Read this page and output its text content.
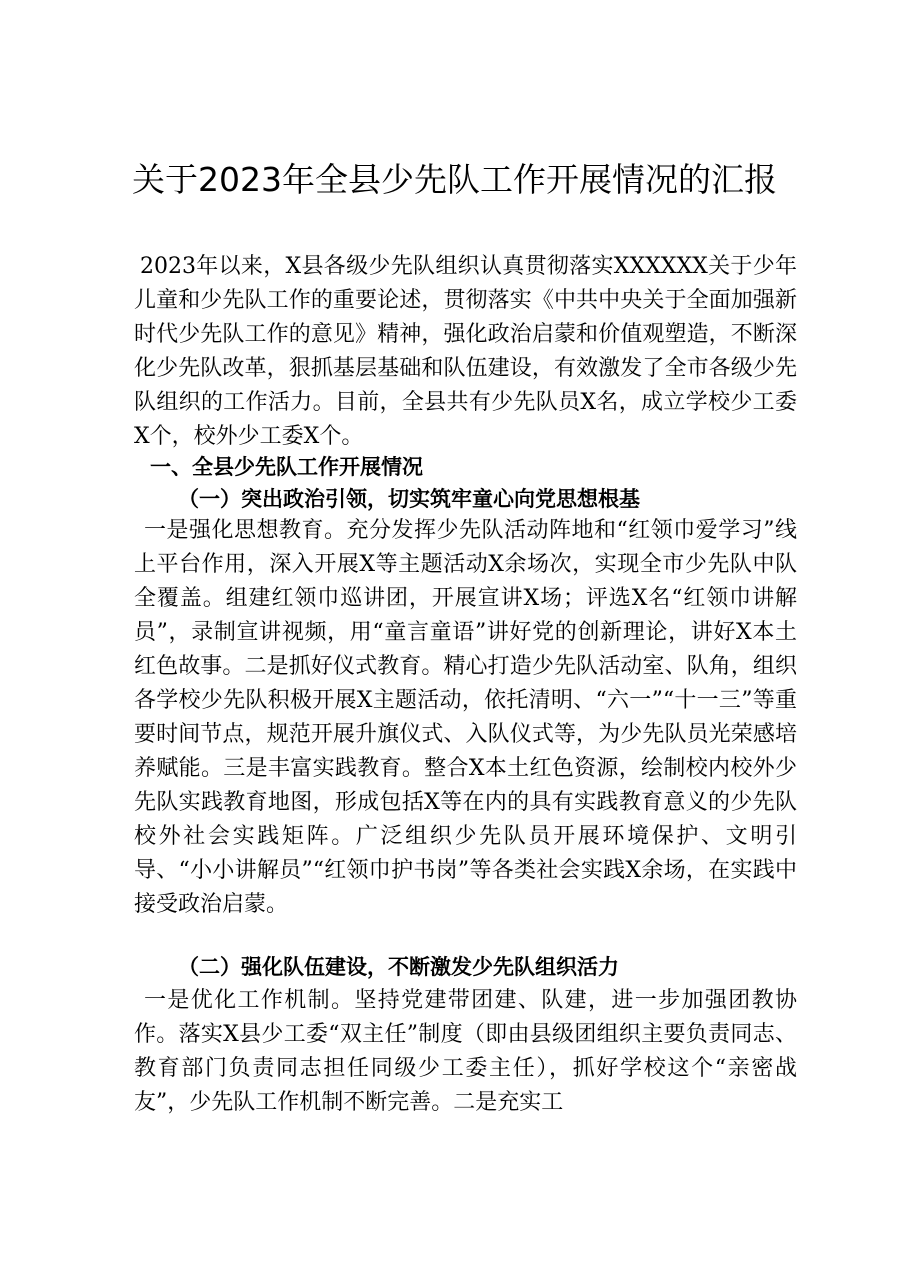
关于2023年全县少先队工作开展情况的汇报
2023年以来，X县各级少先队组织认真贯彻落实XXXXXX关于少年儿童和少先队工作的重要论述，贯彻落实《中共中央关于全面加强新时代少先队工作的意见》精神，强化政治启蒙和价值观塑造，不断深化少先队改革，狠抓基层基础和队伍建设，有效激发了全市各级少先队组织的工作活力。目前，全县共有少先队员X名，成立学校少工委X个，校外少工委X个。
一、全县少先队工作开展情况
（一）突出政治引领，切实筑牢童心向党思想根基
一是强化思想教育。充分发挥少先队活动阵地和“红领巾爱学习”线上平台作用，深入开展X等主题活动X余场次，实现全市少先队中队全覆盖。组建红领巾巡讲团，开展宣讲X场；评选X名“红领巾讲解员”，录制宣讲视频，用“童言童语”讲好党的创新理论，讲好X本土红色故事。二是抓好仪式教育。精心打造少先队活动室、队角，组织各学校少先队积极开展X主题活动，依托清明、“六一”“十一三”等重要时间节点，规范开展升旗仪式、入队仪式等，为少先队员光荣感培养赋能。三是丰富实践教育。整合X本土红色资源，绘制校内校外少先队实践教育地图，形成包括X等在内的具有实践教育意义的少先队校外社会实践矩阵。广泛组织少先队员开展环境保护、文明引导、“小小讲解员”“红领巾护书岗”等各类社会实践X余场，在实践中接受政治启蒙。
（二）强化队伍建设，不断激发少先队组织活力
一是优化工作机制。坚持党建带团建、队建，进一步加强团教协作。落实X县少工委“双主任”制度（即由县级团组织主要负责同志、教育部门负责同志担任同级少工委主任），抓好学校这个“亲密战友”，少先队工作机制不断完善。二是充实工
